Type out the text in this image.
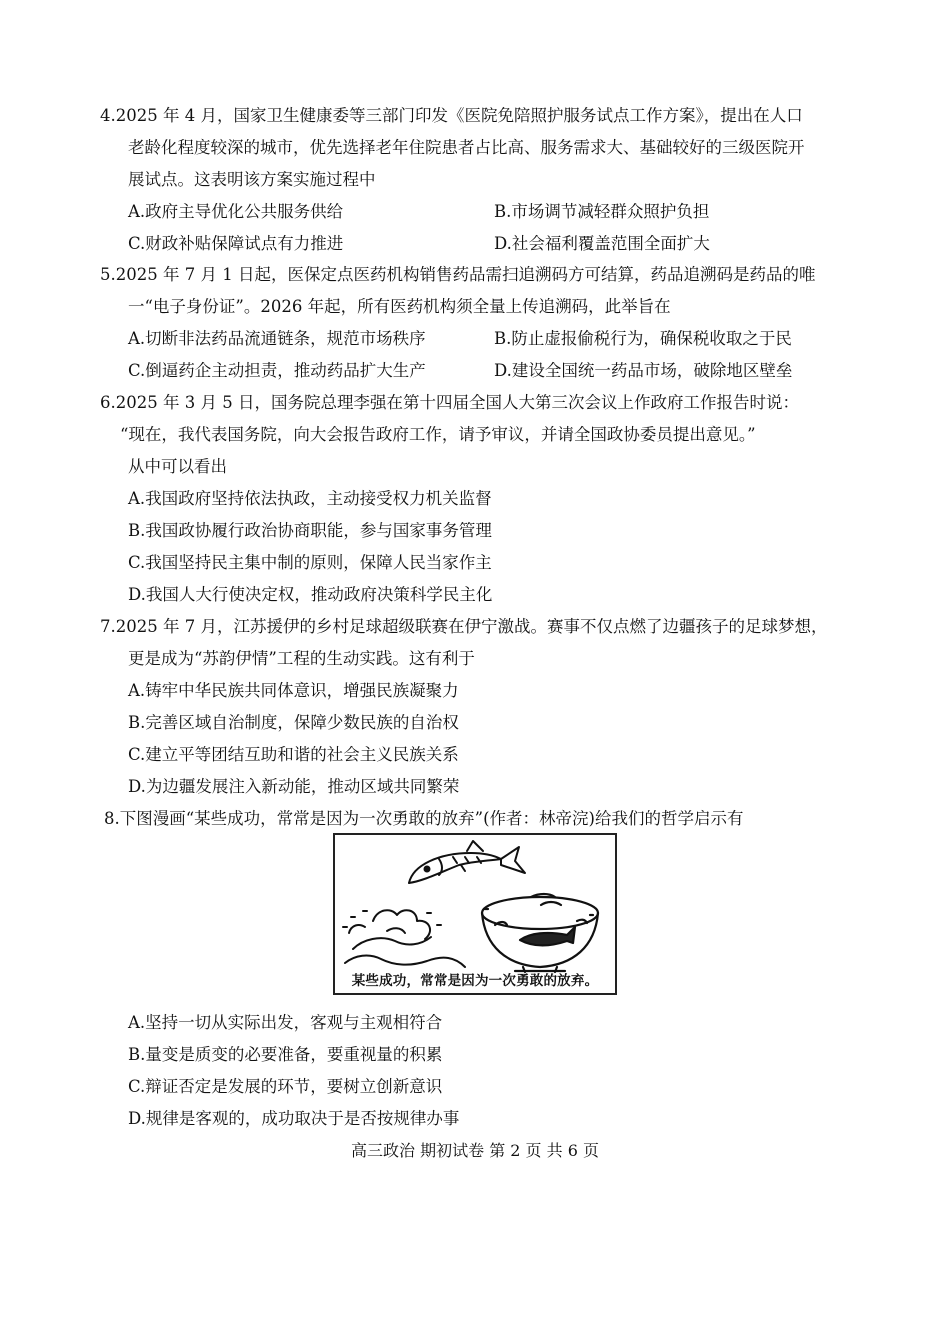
4.2025 年 4 月，国家卫生健康委等三部门印发《医院免陪照护服务试点工作方案》，提出在人口
老龄化程度较深的城市，优先选择老年住院患者占比高、服务需求大、基础较好的三级医院开
展试点。这表明该方案实施过程中
A.政府主导优化公共服务供给	B.市场调节减轻群众照护负担
C.财政补贴保障试点有力推进	D.社会福利覆盖范围全面扩大
5.2025 年 7 月 1 日起，医保定点医药机构销售药品需扫追溯码方可结算，药品追溯码是药品的唯
一“电子身份证”。2026 年起，所有医药机构须全量上传追溯码，此举旨在
A.切断非法药品流通链条，规范市场秩序	B.防止虚报偷税行为，确保税收取之于民
C.倒逼药企主动担责，推动药品扩大生产	D.建设全国统一药品市场，破除地区壁垒
6.2025 年 3 月 5 日，国务院总理李强在第十四届全国人大第三次会议上作政府工作报告时说：
“现在，我代表国务院，向大会报告政府工作，请予审议，并请全国政协委员提出意见。”
从中可以看出
A.我国政府坚持依法执政，主动接受权力机关监督
B.我国政协履行政治协商职能，参与国家事务管理
C.我国坚持民主集中制的原则，保障人民当家作主
D.我国人大行使决定权，推动政府决策科学民主化
7.2025 年 7 月，江苏援伊的乡村足球超级联赛在伊宁激战。赛事不仅点燃了边疆孩子的足球梦想，
更是成为“苏韵伊情”工程的生动实践。这有利于
A.铸牢中华民族共同体意识，增强民族凝聚力
B.完善区域自治制度，保障少数民族的自治权
C.建立平等团结互助和谐的社会主义民族关系
D.为边疆发展注入新动能，推动区域共同繁荣
8.下图漫画“某些成功，常常是因为一次勇敢的放弃”(作者：林帝浣)给我们的哲学启示有
某些成功，常常是因为一次勇敢的放弃。
A.坚持一切从实际出发，客观与主观相符合
B.量变是质变的必要准备，要重视量的积累
C.辩证否定是发展的环节，要树立创新意识
D.规律是客观的，成功取决于是否按规律办事
高三政治 期初试卷 第 2 页 共 6 页
